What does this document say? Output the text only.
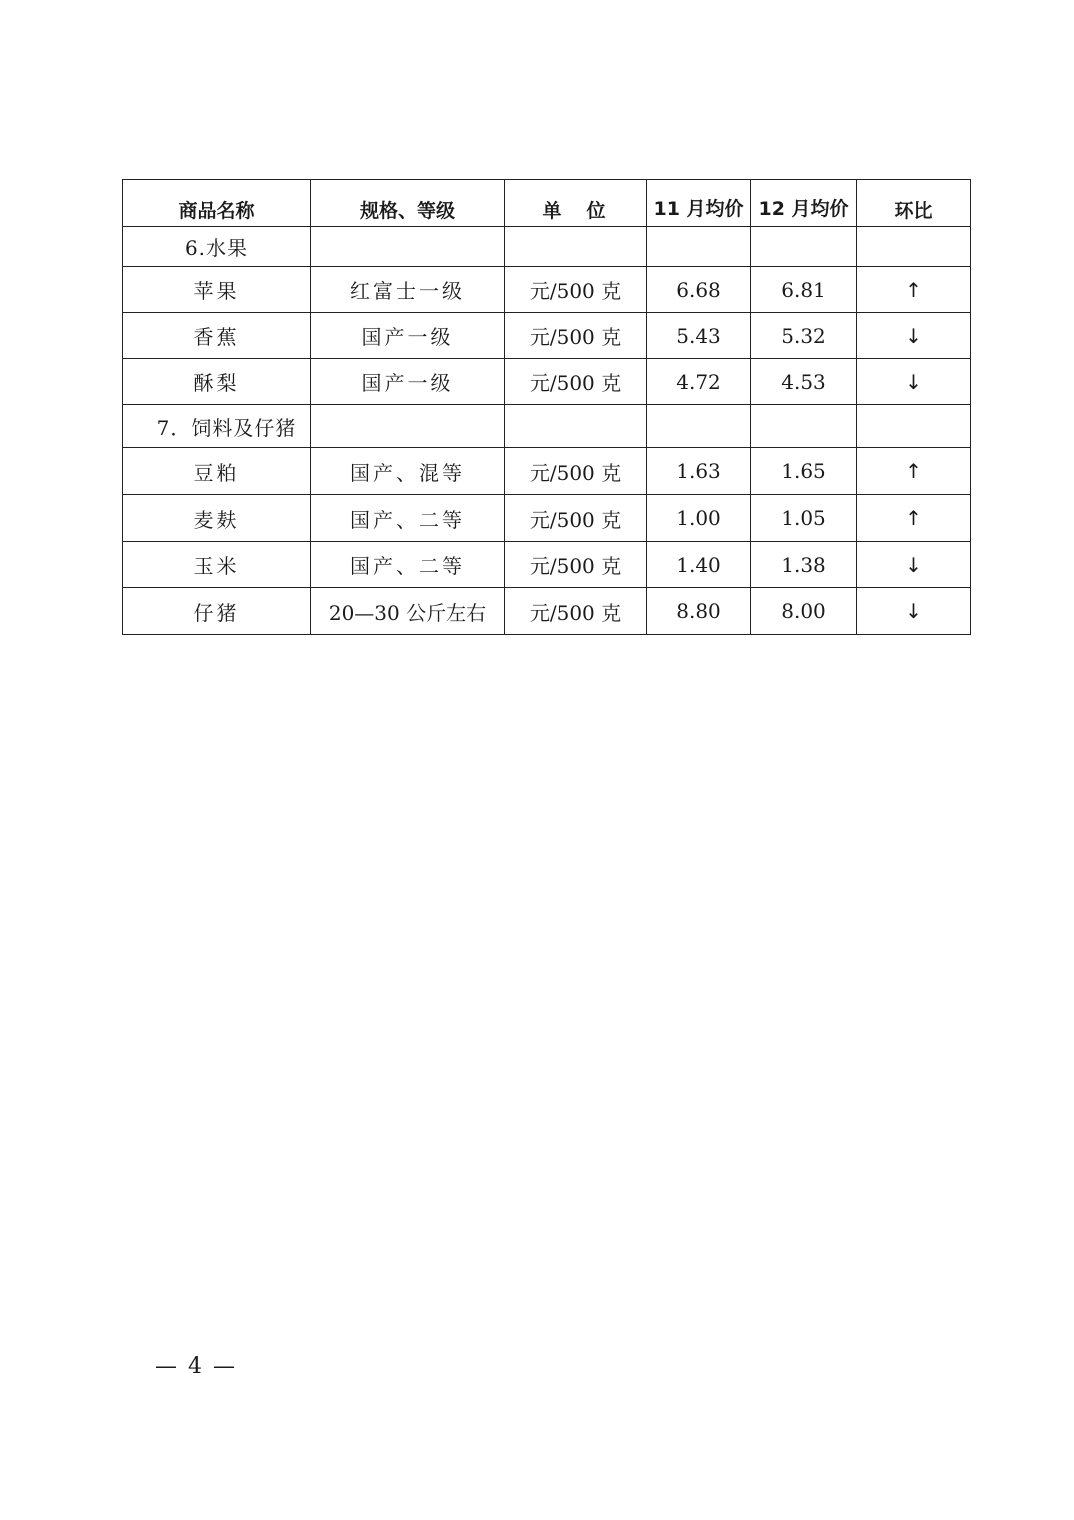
商品名称	规格、等级	单　位	11 月均价	12 月均价	环比
6.水果					
苹果	红富士一级	元/500 克	6.68	6.81	↑
香蕉	国产一级	元/500 克	5.43	5.32	↓
酥梨	国产一级	元/500 克	4.72	4.53	↓
7．饲料及仔猪					
豆粕	国产、混等	元/500 克	1.63	1.65	↑
麦麸	国产、二等	元/500 克	1.00	1.05	↑
玉米	国产、二等	元/500 克	1.40	1.38	↓
仔猪	20—30 公斤左右	元/500 克	8.80	8.00	↓
— 4 —
